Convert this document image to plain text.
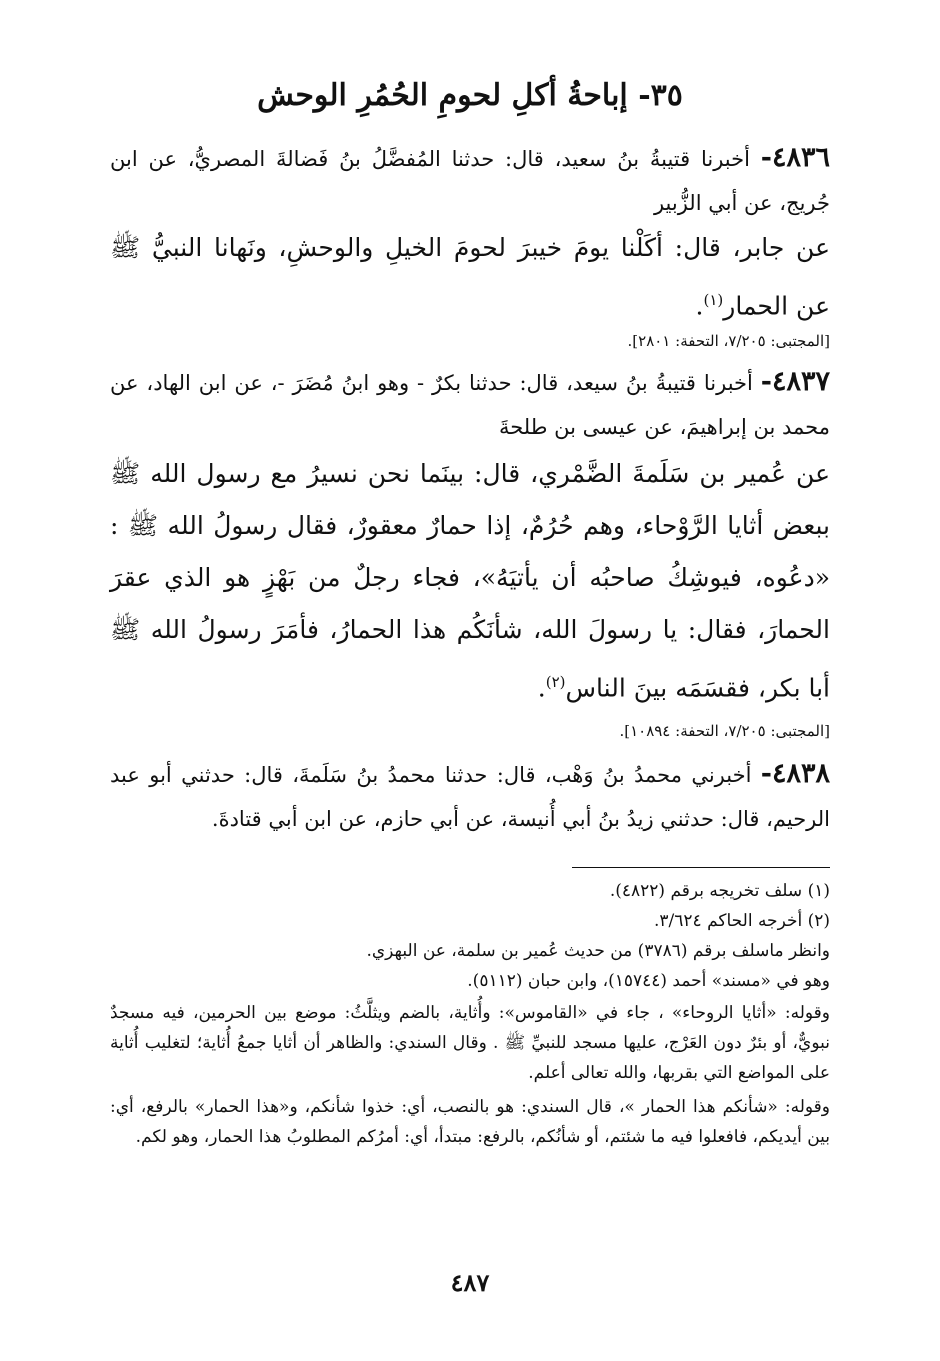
٣٥- إباحةُ أكلِ لحومِ الحُمُرِ الوحش
٤٨٣٦- أخبرنا قتيبةُ بنُ سعيد، قال: حدثنا المُفضَّلُ بنُ فَضالةَ المصريُّ، عن ابن جُريج، عن أبي الزُّبير
عن جابر، قال: أكَلْنا يومَ خيبرَ لحومَ الخيلِ والوحشِ، ونَهانا النبيُّ ﷺ عن الحمار$^{(١)}$.
[المجتبى: ٧/٢٠٥، التحفة: ٢٨٠١].
٤٨٣٧- أخبرنا قتيبةُ بنُ سيعد، قال: حدثنا بكرٌ - وهو ابنُ مُضَرَ -، عن ابن الهاد، عن محمد بن إبراهيمَ، عن عيسى بن طلحةَ
عن عُمير بن سَلَمةَ الضَّمْري، قال: بينَما نحن نسيرُ مع رسول الله ﷺ ببعض أثايا الرَّوْحاء، وهم حُرُمٌ، إذا حمارٌ معقورٌ، فقال رسولُ الله ﷺ : «دعُوه، فيوشِكُ صاحبُه أن يأتيَهُ»، فجاء رجلٌ من بَهْزٍ هو الذي عقرَ الحمارَ، فقال: يا رسولَ الله، شأنَكُم هذا الحمارُ، فأمَرَ رسولُ الله ﷺ أبا بكر، فقسَمَه بينَ الناس$^{(٢)}$.
[المجتبى: ٧/٢٠٥، التحفة: ١٠٨٩٤].
٤٨٣٨- أخبرني محمدُ بنُ وَهْب، قال: حدثنا محمدُ بنُ سَلَمةَ، قال: حدثني أبو عبد الرحيم، قال: حدثني زيدُ بنُ أبي أُنيسة، عن أبي حازم، عن ابن أبي قتادةَ.
(١) سلف تخريجه برقم (٤٨٢٢).
(٢) أخرجه الحاكم ٣/٦٢٤.
وانظر ماسلف برقم (٣٧٨٦) من حديث عُمير بن سلمة، عن البهزي.
وهو في «مسند» أحمد (١٥٧٤٤)، وابن حبان (٥١١٢).
وقوله: «أثايا الروحاء» ، جاء في «القاموس»: وأُثاية، بالضم ويثلَّثُ: موضع بين الحرمين، فيه مسجدٌ نبويٌّ، أو بئرٌ دون العَرْج، عليها مسجد للنبيِّ ﷺ . وقال السندي: والظاهر أن أثايا جمعُ أُثاية؛ لتغليب أُثاية على المواضع التي بقربها، والله تعالى أعلم.
وقوله: «شأنكم هذا الحمار »، قال السندي: هو بالنصب، أي: خذوا شأنكم، و«هذا الحمار» بالرفع، أي: بين أيديكم، فافعلوا فيه ما شئتم، أو شأنُكم، بالرفع: مبتدأ، أي: أمرُكم المطلوبُ هذا الحمار، وهو لكم.
٤٨٧
